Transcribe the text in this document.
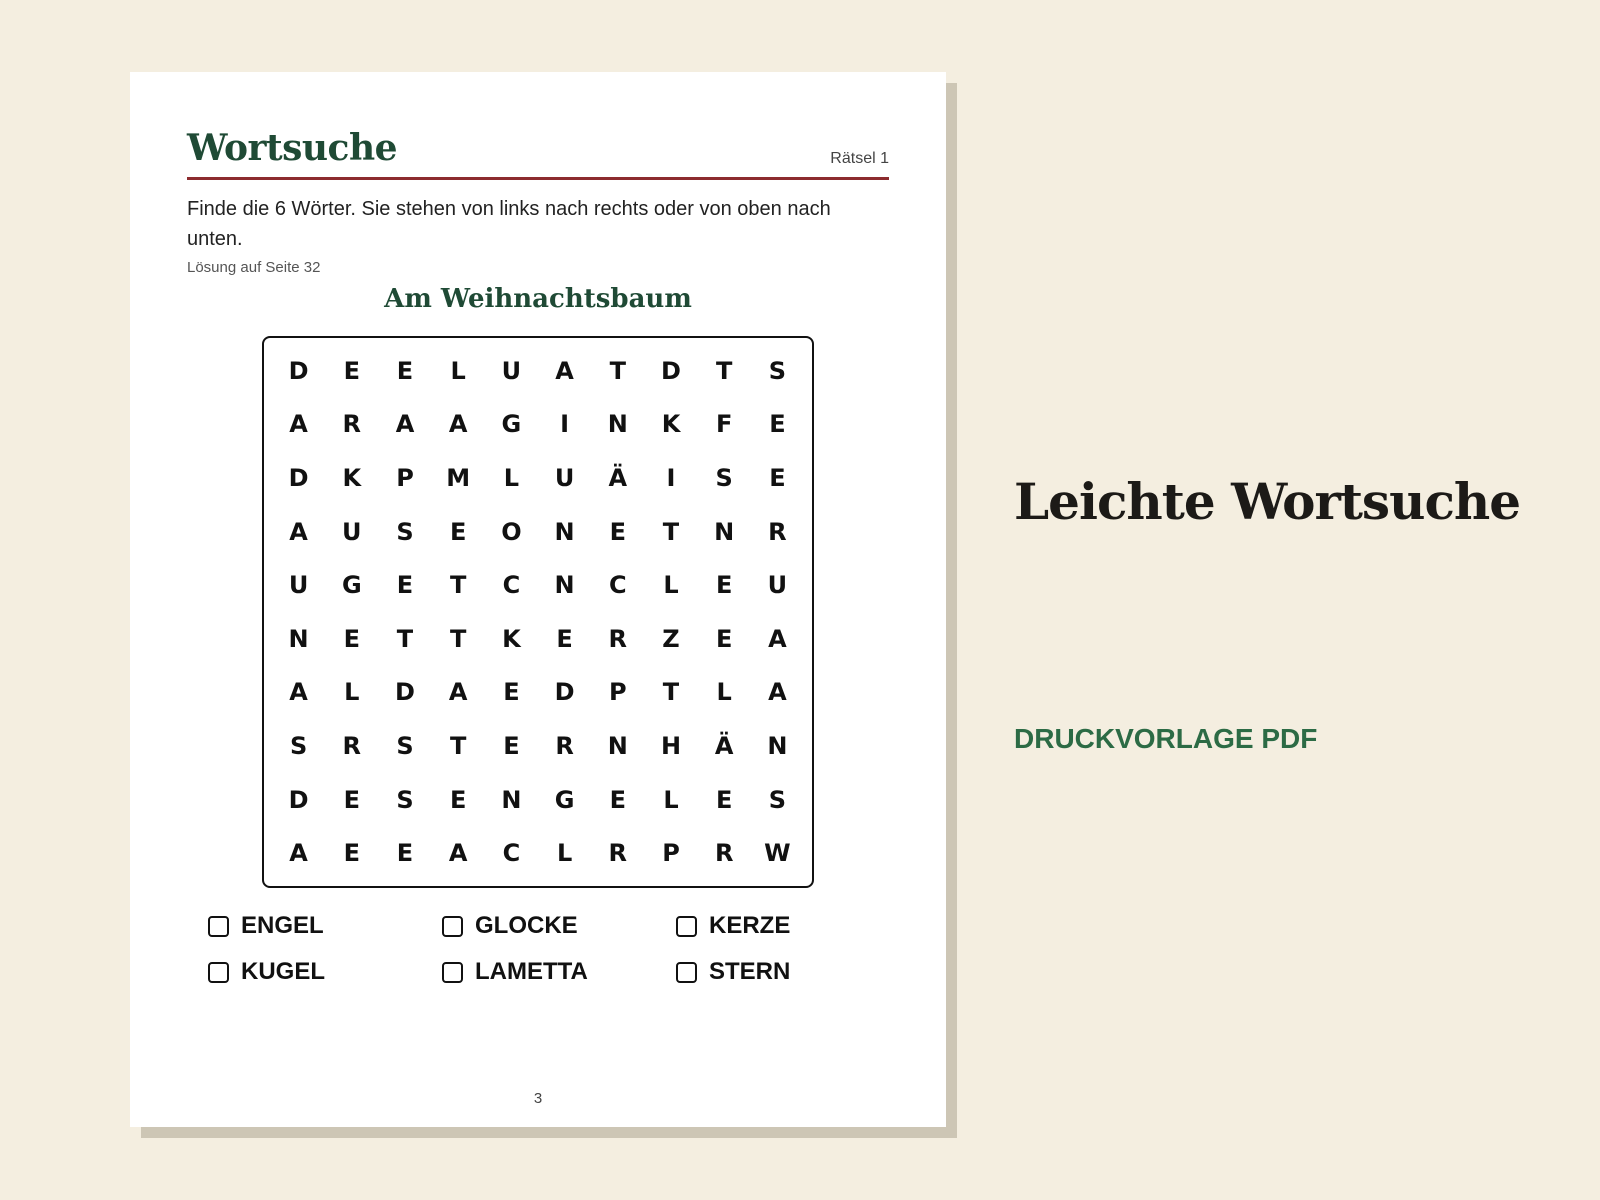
Wortsuche	Rätsel 1
Finde die 6 Wörter. Sie stehen von links nach rechts oder von oben nach unten.
Lösung auf Seite 32
Am Weihnachtsbaum
D	E	E	L	U	A	T	D	T	S
A	R	A	A	G	I	N	K	F	E
D	K	P	M	L	U	Ä	I	S	E
A	U	S	E	O	N	E	T	N	R
U	G	E	T	C	N	C	L	E	U
N	E	T	T	K	E	R	Z	E	A
A	L	D	A	E	D	P	T	L	A
S	R	S	T	E	R	N	H	Ä	N
D	E	S	E	N	G	E	L	E	S
A	E	E	A	C	L	R	P	R	W
ENGEL	GLOCKE	KERZE
KUGEL	LAMETTA	STERN
3
Leichte Wortsuche
DRUCKVORLAGE PDF
